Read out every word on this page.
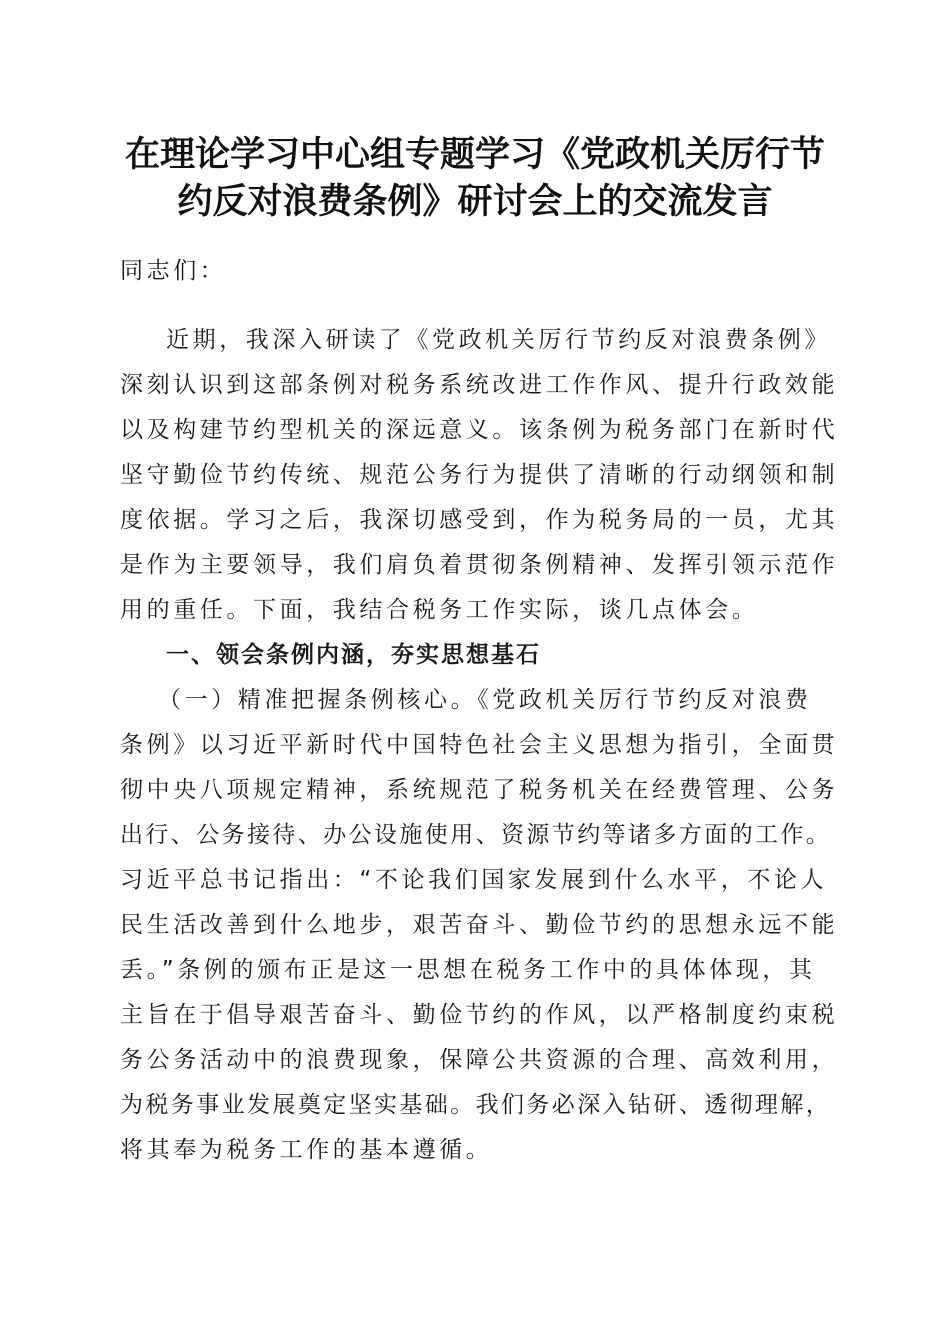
在理论学习中心组专题学习《党政机关厉行节
约反对浪费条例》研讨会上的交流发言
同志们：
近期，我深入研读了《党政机关厉行节约反对浪费条例》
深刻认识到这部条例对税务系统改进工作作风、提升行政效能
以及构建节约型机关的深远意义。该条例为税务部门在新时代
坚守勤俭节约传统、规范公务行为提供了清晰的行动纲领和制
度依据。学习之后，我深切感受到，作为税务局的一员，尤其
是作为主要领导，我们肩负着贯彻条例精神、发挥引领示范作
用的重任。下面，我结合税务工作实际，谈几点体会。
一、领会条例内涵，夯实思想基石
（一）精准把握条例核心。《党政机关厉行节约反对浪费
条例》以习近平新时代中国特色社会主义思想为指引，全面贯
彻中央八项规定精神，系统规范了税务机关在经费管理、公务
出行、公务接待、办公设施使用、资源节约等诸多方面的工作。
习近平总书记指出：“不论我们国家发展到什么水平，不论人
民生活改善到什么地步，艰苦奋斗、勤俭节约的思想永远不能
丢。”条例的颁布正是这一思想在税务工作中的具体体现，其
主旨在于倡导艰苦奋斗、勤俭节约的作风，以严格制度约束税
务公务活动中的浪费现象，保障公共资源的合理、高效利用，
为税务事业发展奠定坚实基础。我们务必深入钻研、透彻理解，
将其奉为税务工作的基本遵循。
